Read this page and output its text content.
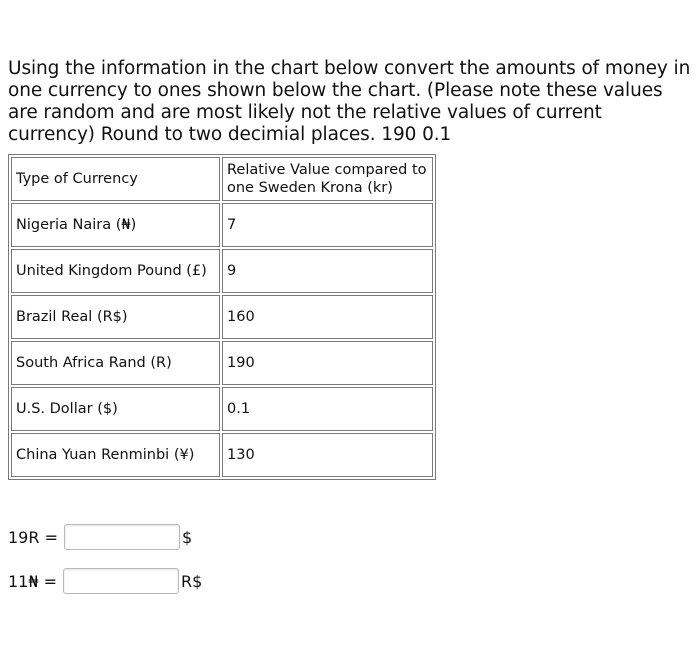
Using the information in the chart below convert the amounts of money in one currency to ones shown below the chart. (Please note these values are random and are most likely not the relative values of current currency) Round to two decimial places. 190 0.1
Type of Currency	Relative Value compared to one Sweden Krona (kr)
Nigeria Naira (₦)	7
United Kingdom Pound (£)	9
Brazil Real (R$)	160
South Africa Rand (R)	190
U.S. Dollar ($)	0.1
China Yuan Renminbi (¥)	130
19R =	$
11₦ =	R$
